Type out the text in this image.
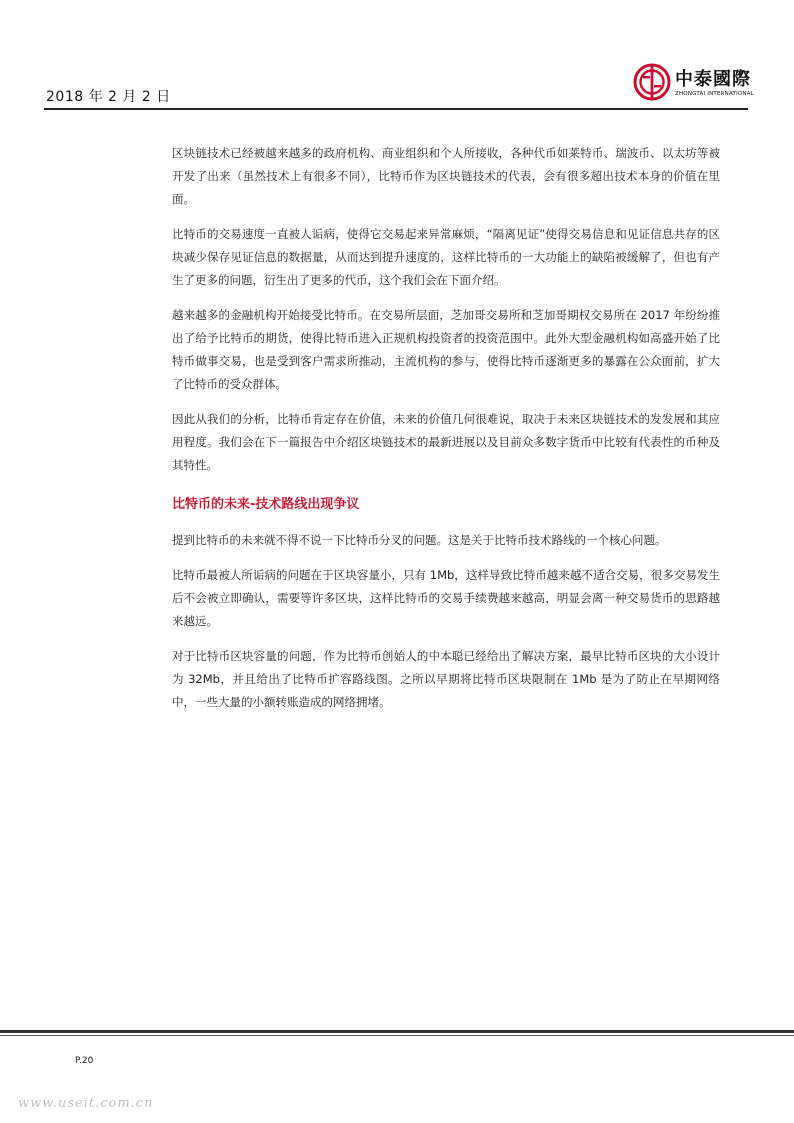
2018 年 2 月 2 日
中泰國際
ZHONGTAI INTERNATIONAL

区块链技术已经被越来越多的政府机构、商业组织和个人所接收，各种代币如莱特币、瑞波币、以太坊等被开发了出来（虽然技术上有很多不同），比特币作为区块链技术的代表，会有很多超出技术本身的价值在里面。

比特币的交易速度一直被人诟病，使得它交易起来异常麻烦，“隔离见证”使得交易信息和见证信息共存的区块减少保存见证信息的数据量，从而达到提升速度的，这样比特币的一大功能上的缺陷被缓解了，但也有产生了更多的问题，衍生出了更多的代币，这个我们会在下面介绍。

越来越多的金融机构开始接受比特币。在交易所层面，芝加哥交易所和芝加哥期权交易所在 2017 年纷纷推出了给予比特币的期货，使得比特币进入正规机构投资者的投资范围中。此外大型金融机构如高盛开始了比特币做事交易，也是受到客户需求所推动，主流机构的参与，使得比特币逐渐更多的暴露在公众面前，扩大了比特币的受众群体。

因此从我们的分析，比特币肯定存在价值，未来的价值几何很难说，取决于未来区块链技术的发发展和其应用程度。我们会在下一篇报告中介绍区块链技术的最新进展以及目前众多数字货币中比较有代表性的币种及其特性。

比特币的未来-技术路线出现争议

提到比特币的未来就不得不说一下比特币分叉的问题。这是关于比特币技术路线的一个核心问题。

比特币最被人所诟病的问题在于区块容量小，只有 1Mb，这样导致比特币越来越不适合交易，很多交易发生后不会被立即确认，需要等许多区块，这样比特币的交易手续费越来越高，明显会离一种交易货币的思路越来越远。

对于比特币区块容量的问题，作为比特币创始人的中本聪已经给出了解决方案，最早比特币区块的大小设计为 32Mb，并且给出了比特币扩容路线图。之所以早期将比特币区块限制在 1Mb 是为了防止在早期网络中，一些大量的小额转账造成的网络拥堵。

P.20
www.useit.com.cn
